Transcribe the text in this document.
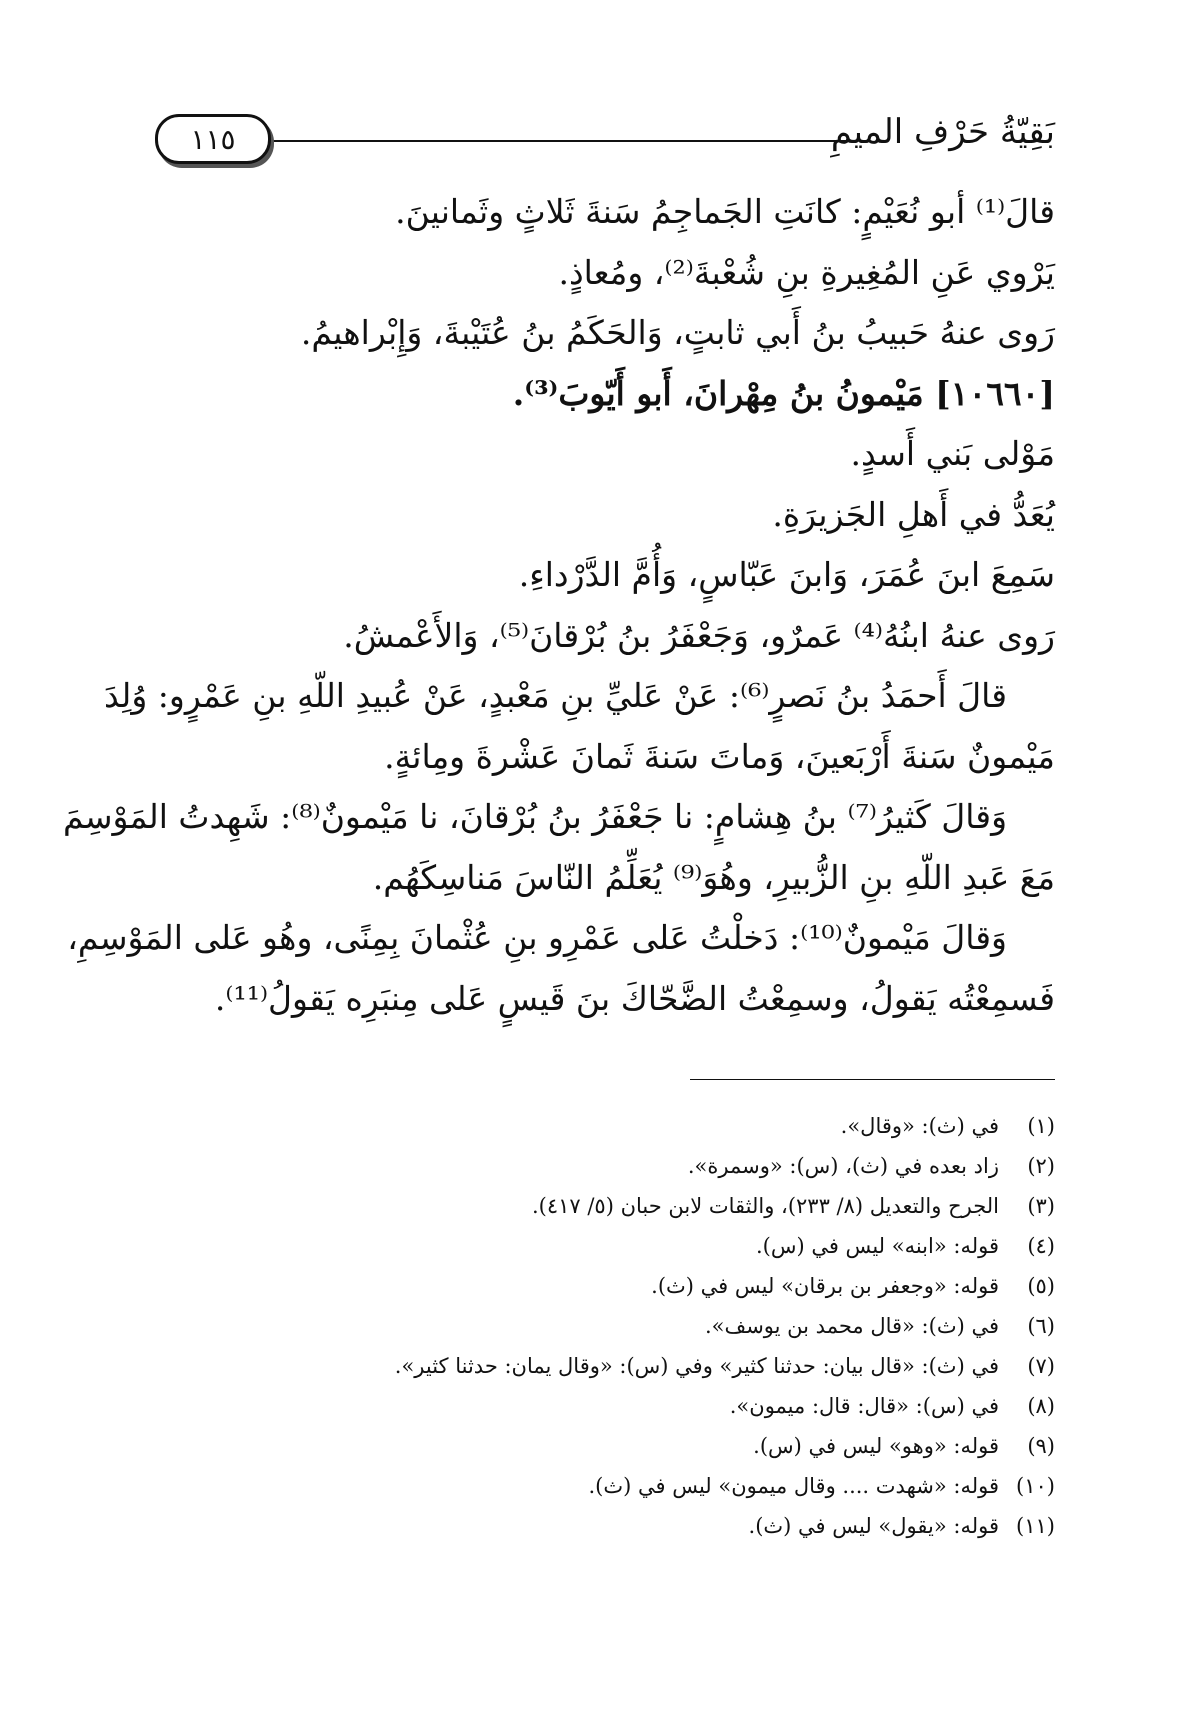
بَقِيّةُ حَرْفِ الميمِ
١١٥
قالَ⁽¹⁾ أبو نُعَيْمٍ: كانَتِ الجَماجِمُ سَنةَ ثَلاثٍ وثَمانينَ.
يَرْوي عَنِ المُغِيرةِ بنِ شُعْبةَ⁽²⁾، ومُعاذٍ.
رَوى عنهُ حَبيبُ بنُ أَبي ثابتٍ، وَالحَكَمُ بنُ عُتَيْبةَ، وَإِبْراهيمُ.
[١٠٦٦٠] مَيْمونُ بنُ مِهْرانَ، أَبو أَيّوبَ⁽³⁾.
مَوْلى بَني أَسدٍ.
يُعَدُّ في أَهلِ الجَزيرَةِ.
سَمِعَ ابنَ عُمَرَ، وَابنَ عَبّاسٍ، وَأُمَّ الدَّرْداءِ.
رَوى عنهُ ابنُهُ⁽⁴⁾ عَمرٌو، وَجَعْفَرُ بنُ بُرْقانَ⁽⁵⁾، وَالأَعْمشُ.
قالَ أَحمَدُ بنُ نَصرٍ⁽⁶⁾: عَنْ عَليِّ بنِ مَعْبدٍ، عَنْ عُبيدِ اللّهِ بنِ عَمْرٍو: وُلِدَ
مَيْمونٌ سَنةَ أَرْبَعينَ، وَماتَ سَنةَ ثَمانَ عَشْرةَ ومِائةٍ.
وَقالَ كَثيرُ⁽⁷⁾ بنُ هِشامٍ: نا جَعْفَرُ بنُ بُرْقانَ، نا مَيْمونٌ⁽⁸⁾: شَهِدتُ المَوْسِمَ
مَعَ عَبدِ اللّهِ بنِ الزُّبيرِ، وهُوَ⁽⁹⁾ يُعَلِّمُ النّاسَ مَناسِكَهُم.
وَقالَ مَيْمونٌ⁽¹⁰⁾: دَخلْتُ عَلى عَمْرِو بنِ عُثْمانَ بِمِنًى، وهُو عَلى المَوْسِمِ،
فَسمِعْتُه يَقولُ، وسمِعْتُ الضَّحّاكَ بنَ قَيسٍ عَلى مِنبَرِه يَقولُ⁽¹¹⁾.
(١)
في (ث): «وقال».
(٢)
زاد بعده في (ث)، (س): «وسمرة».
(٣)
الجرح والتعديل (٨/ ٢٣٣)، والثقات لابن حبان (٥/ ٤١٧).
(٤)
قوله: «ابنه» ليس في (س).
(٥)
قوله: «وجعفر بن برقان» ليس في (ث).
(٦)
في (ث): «قال محمد بن يوسف».
(٧)
في (ث): «قال بيان: حدثنا كثير» وفي (س): «وقال يمان: حدثنا كثير».
(٨)
في (س): «قال: قال: ميمون».
(٩)
قوله: «وهو» ليس في (س).
(١٠)
قوله: «شهدت .... وقال ميمون» ليس في (ث).
(١١)
قوله: «يقول» ليس في (ث).
